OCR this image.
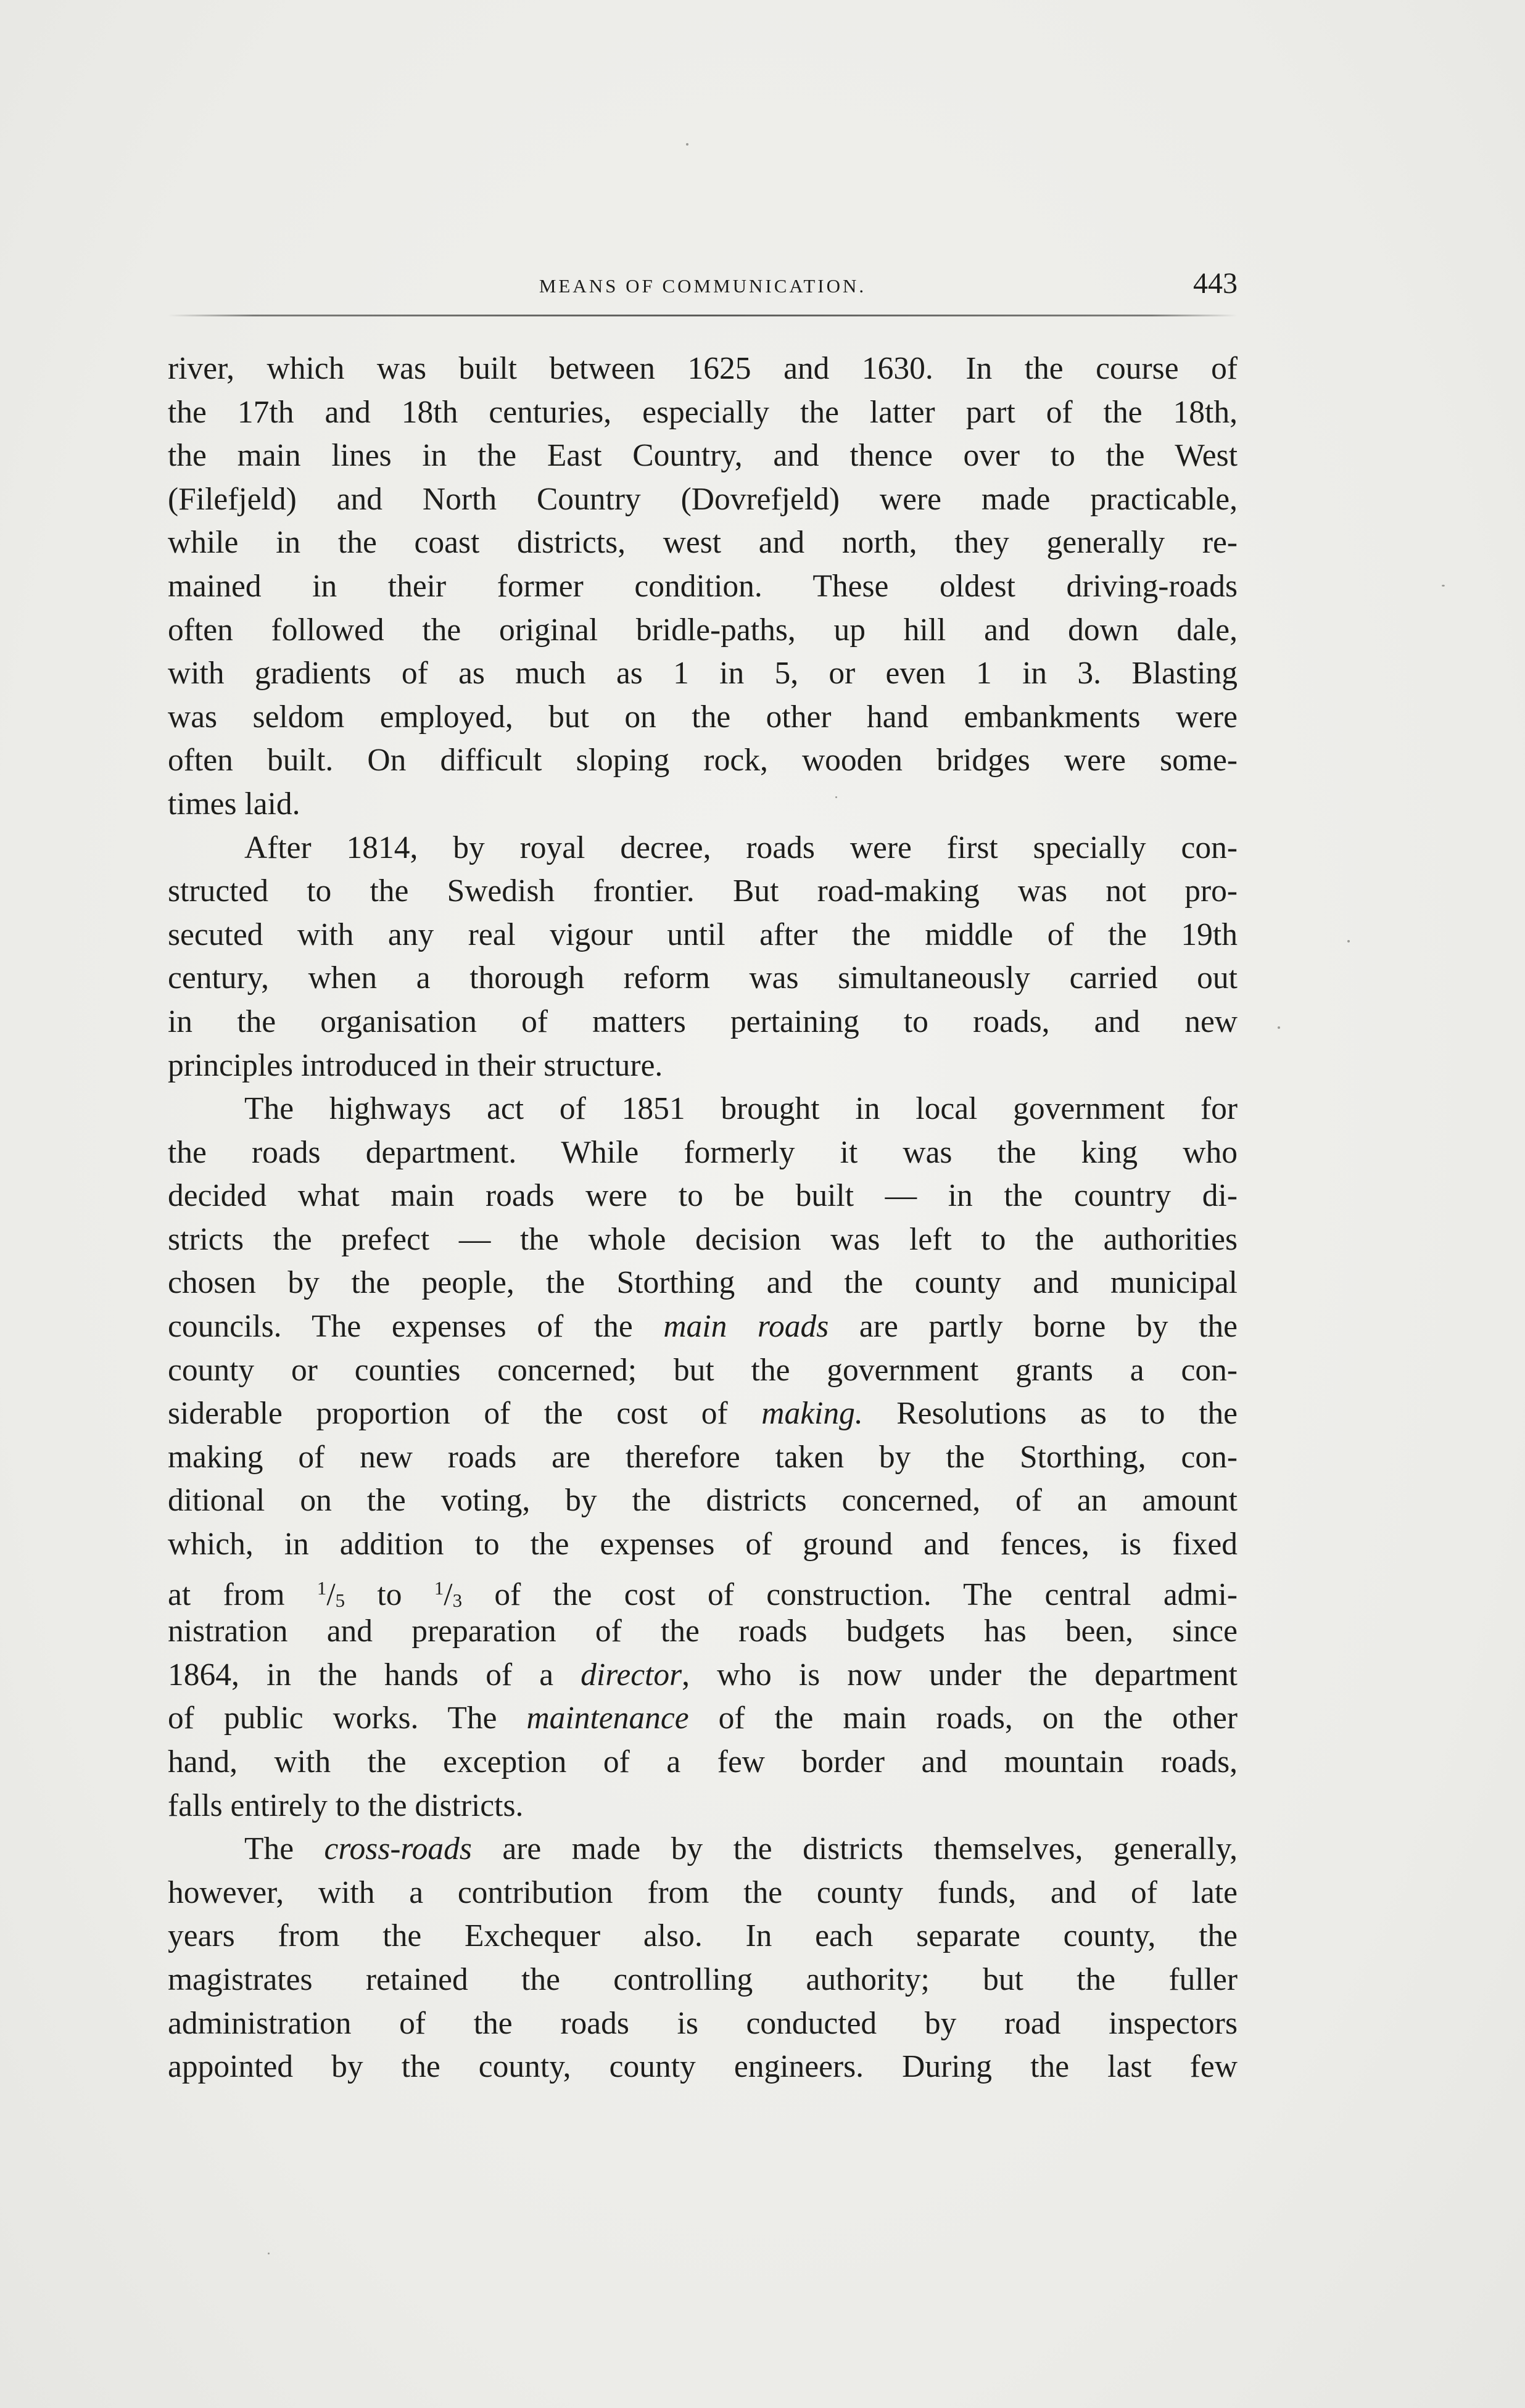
MEANS OF COMMUNICATION.	443
river, which was built between 1625 and 1630. In the course of
the 17th and 18th centuries, especially the latter part of the 18th,
the main lines in the East Country, and thence over to the West
(Filefjeld) and North Country (Dovrefjeld) were made practicable,
while in the coast districts, west and north, they generally re-
mained in their former condition. These oldest driving-roads
often followed the original bridle-paths, up hill and down dale,
with gradients of as much as 1 in 5, or even 1 in 3. Blasting
was seldom employed, but on the other hand embankments were
often built. On difficult sloping rock, wooden bridges were some-
times laid.
After 1814, by royal decree, roads were first specially con-
structed to the Swedish frontier. But road-making was not pro-
secuted with any real vigour until after the middle of the 19th
century, when a thorough reform was simultaneously carried out
in the organisation of matters pertaining to roads, and new
principles introduced in their structure.
The highways act of 1851 brought in local government for
the roads department. While formerly it was the king who
decided what main roads were to be built — in the country di-
stricts the prefect — the whole decision was left to the authorities
chosen by the people, the Storthing and the county and municipal
councils. The expenses of the main roads are partly borne by the
county or counties concerned; but the government grants a con-
siderable proportion of the cost of making. Resolutions as to the
making of new roads are therefore taken by the Storthing, con-
ditional on the voting, by the districts concerned, of an amount
which, in addition to the expenses of ground and fences, is fixed
at from $^1/_5$ to $^1/_3$ of the cost of construction. The central admi-
nistration and preparation of the roads budgets has been, since
1864, in the hands of a director, who is now under the department
of public works. The maintenance of the main roads, on the other
hand, with the exception of a few border and mountain roads,
falls entirely to the districts.
The cross-roads are made by the districts themselves, generally,
however, with a contribution from the county funds, and of late
years from the Exchequer also. In each separate county, the
magistrates retained the controlling authority; but the fuller
administration of the roads is conducted by road inspectors
appointed by the county, county engineers. During the last few
